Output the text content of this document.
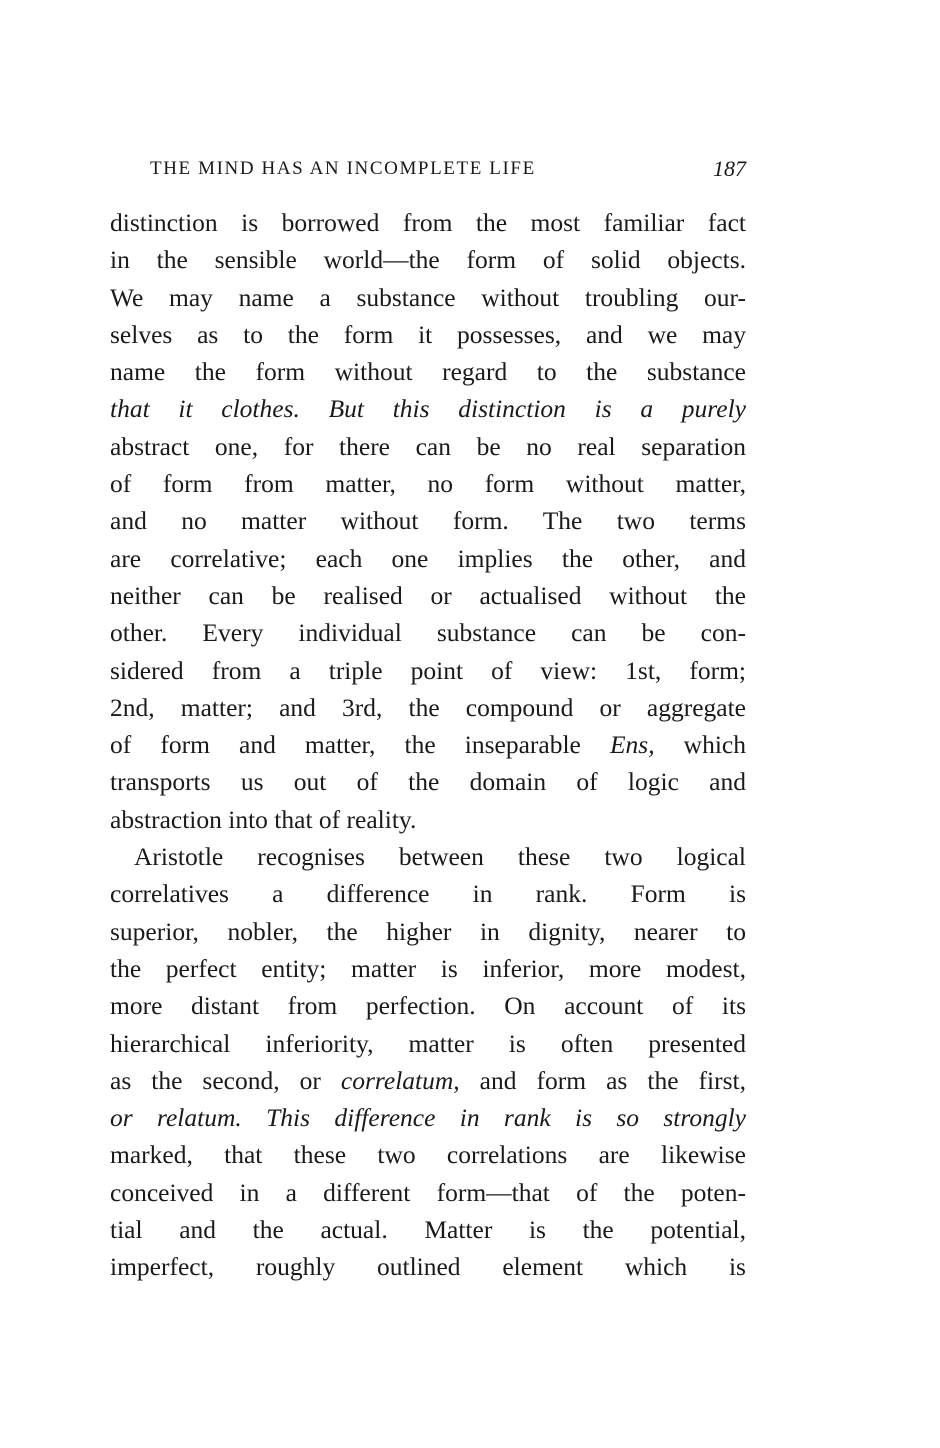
THE MIND HAS AN INCOMPLETE LIFE	187
distinction is borrowed from the most familiar fact
in the sensible world—the form of solid objects.
We may name a substance without troubling our-
selves as to the form it possesses, and we may
name the form without regard to the substance
that it clothes. But this distinction is a purely
abstract one, for there can be no real separation
of form from matter, no form without matter,
and no matter without form. The two terms
are correlative; each one implies the other, and
neither can be realised or actualised without the
other. Every individual substance can be con-
sidered from a triple point of view: 1st, form;
2nd, matter; and 3rd, the compound or aggregate
of form and matter, the inseparable Ens, which
transports us out of the domain of logic and
abstraction into that of reality.
Aristotle recognises between these two logical
correlatives a difference in rank. Form is
superior, nobler, the higher in dignity, nearer to
the perfect entity; matter is inferior, more modest,
more distant from perfection. On account of its
hierarchical inferiority, matter is often presented
as the second, or correlatum, and form as the first,
or relatum. This difference in rank is so strongly
marked, that these two correlations are likewise
conceived in a different form—that of the poten-
tial and the actual. Matter is the potential,
imperfect, roughly outlined element which is
